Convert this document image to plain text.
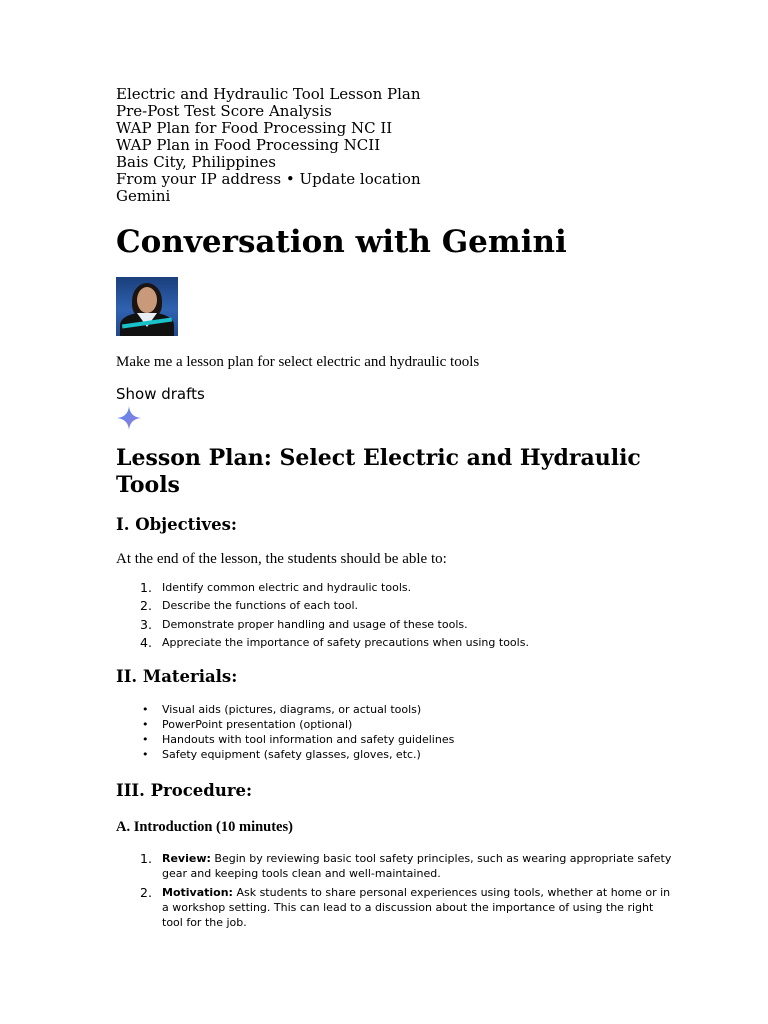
Electric and Hydraulic Tool Lesson Plan
Pre-Post Test Score Analysis
WAP Plan for Food Processing NC II
WAP Plan in Food Processing NCII
Bais City, Philippines
From your IP address • Update location
Gemini
Conversation with Gemini
Make me a lesson plan for select electric and hydraulic tools
Show drafts
Lesson Plan: Select Electric and Hydraulic Tools
I. Objectives:
At the end of the lesson, the students should be able to:
1. Identify common electric and hydraulic tools.
2. Describe the functions of each tool.
3. Demonstrate proper handling and usage of these tools.
4. Appreciate the importance of safety precautions when using tools.
II. Materials:
• Visual aids (pictures, diagrams, or actual tools)
• PowerPoint presentation (optional)
• Handouts with tool information and safety guidelines
• Safety equipment (safety glasses, gloves, etc.)
III. Procedure:
A. Introduction (10 minutes)
1. Review: Begin by reviewing basic tool safety principles, such as wearing appropriate safety gear and keeping tools clean and well-maintained.
2. Motivation: Ask students to share personal experiences using tools, whether at home or in a workshop setting. This can lead to a discussion about the importance of using the right tool for the job.
